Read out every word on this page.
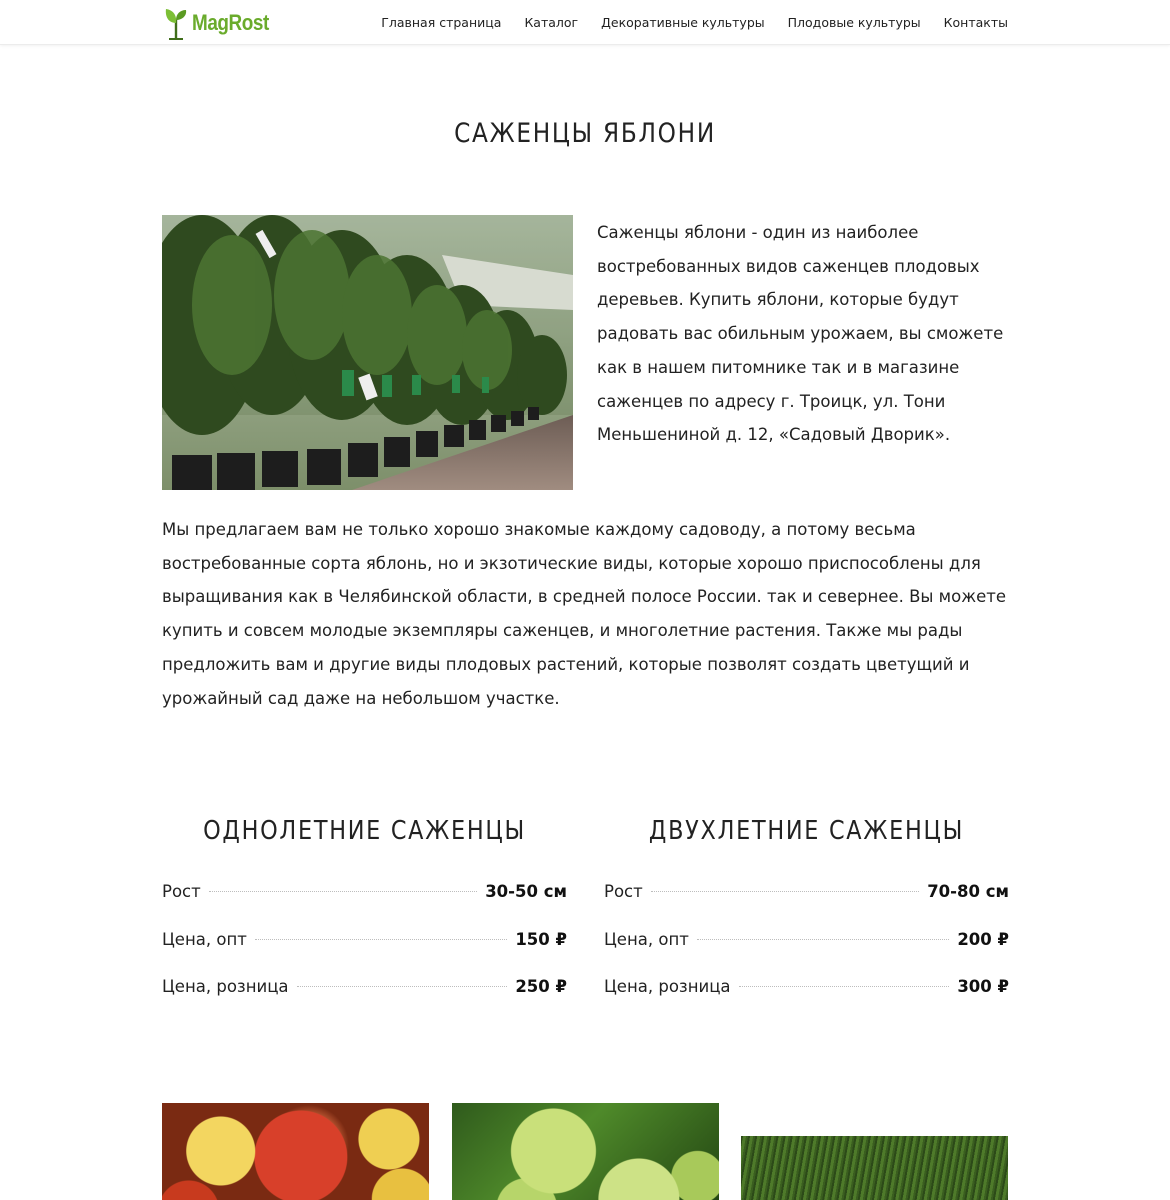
MagRost	Главная страница Каталог Декоративные культуры Плодовые культуры Контакты
САЖЕНЦЫ ЯБЛОНИ

Саженцы яблони - один из наиболее востребованных видов саженцев плодовых деревьев. Купить яблони, которые будут радовать вас обильным урожаем, вы сможете как в нашем питомнике так и в магазине саженцев по адресу г. Троицк, ул. Тони Меньшениной д. 12, «Садовый Дворик».

Мы предлагаем вам не только хорошо знакомые каждому садоводу, а потому весьма востребованные сорта яблонь, но и экзотические виды, которые хорошо приспособлены для выращивания как в Челябинской области, в средней полосе России. так и севернее. Вы можете купить и совсем молодые экземпляры саженцев, и многолетние растения. Также мы рады предложить вам и другие виды плодовых растений, которые позволят создать цветущий и урожайный сад даже на небольшом участке.

ОДНОЛЕТНИЕ САЖЕНЦЫ
Рост	30-50 см
Цена, опт	150 ₽
Цена, розница	250 ₽
ДВУХЛЕТНИЕ САЖЕНЦЫ
Рост	70-80 см
Цена, опт	200 ₽
Цена, розница	300 ₽
